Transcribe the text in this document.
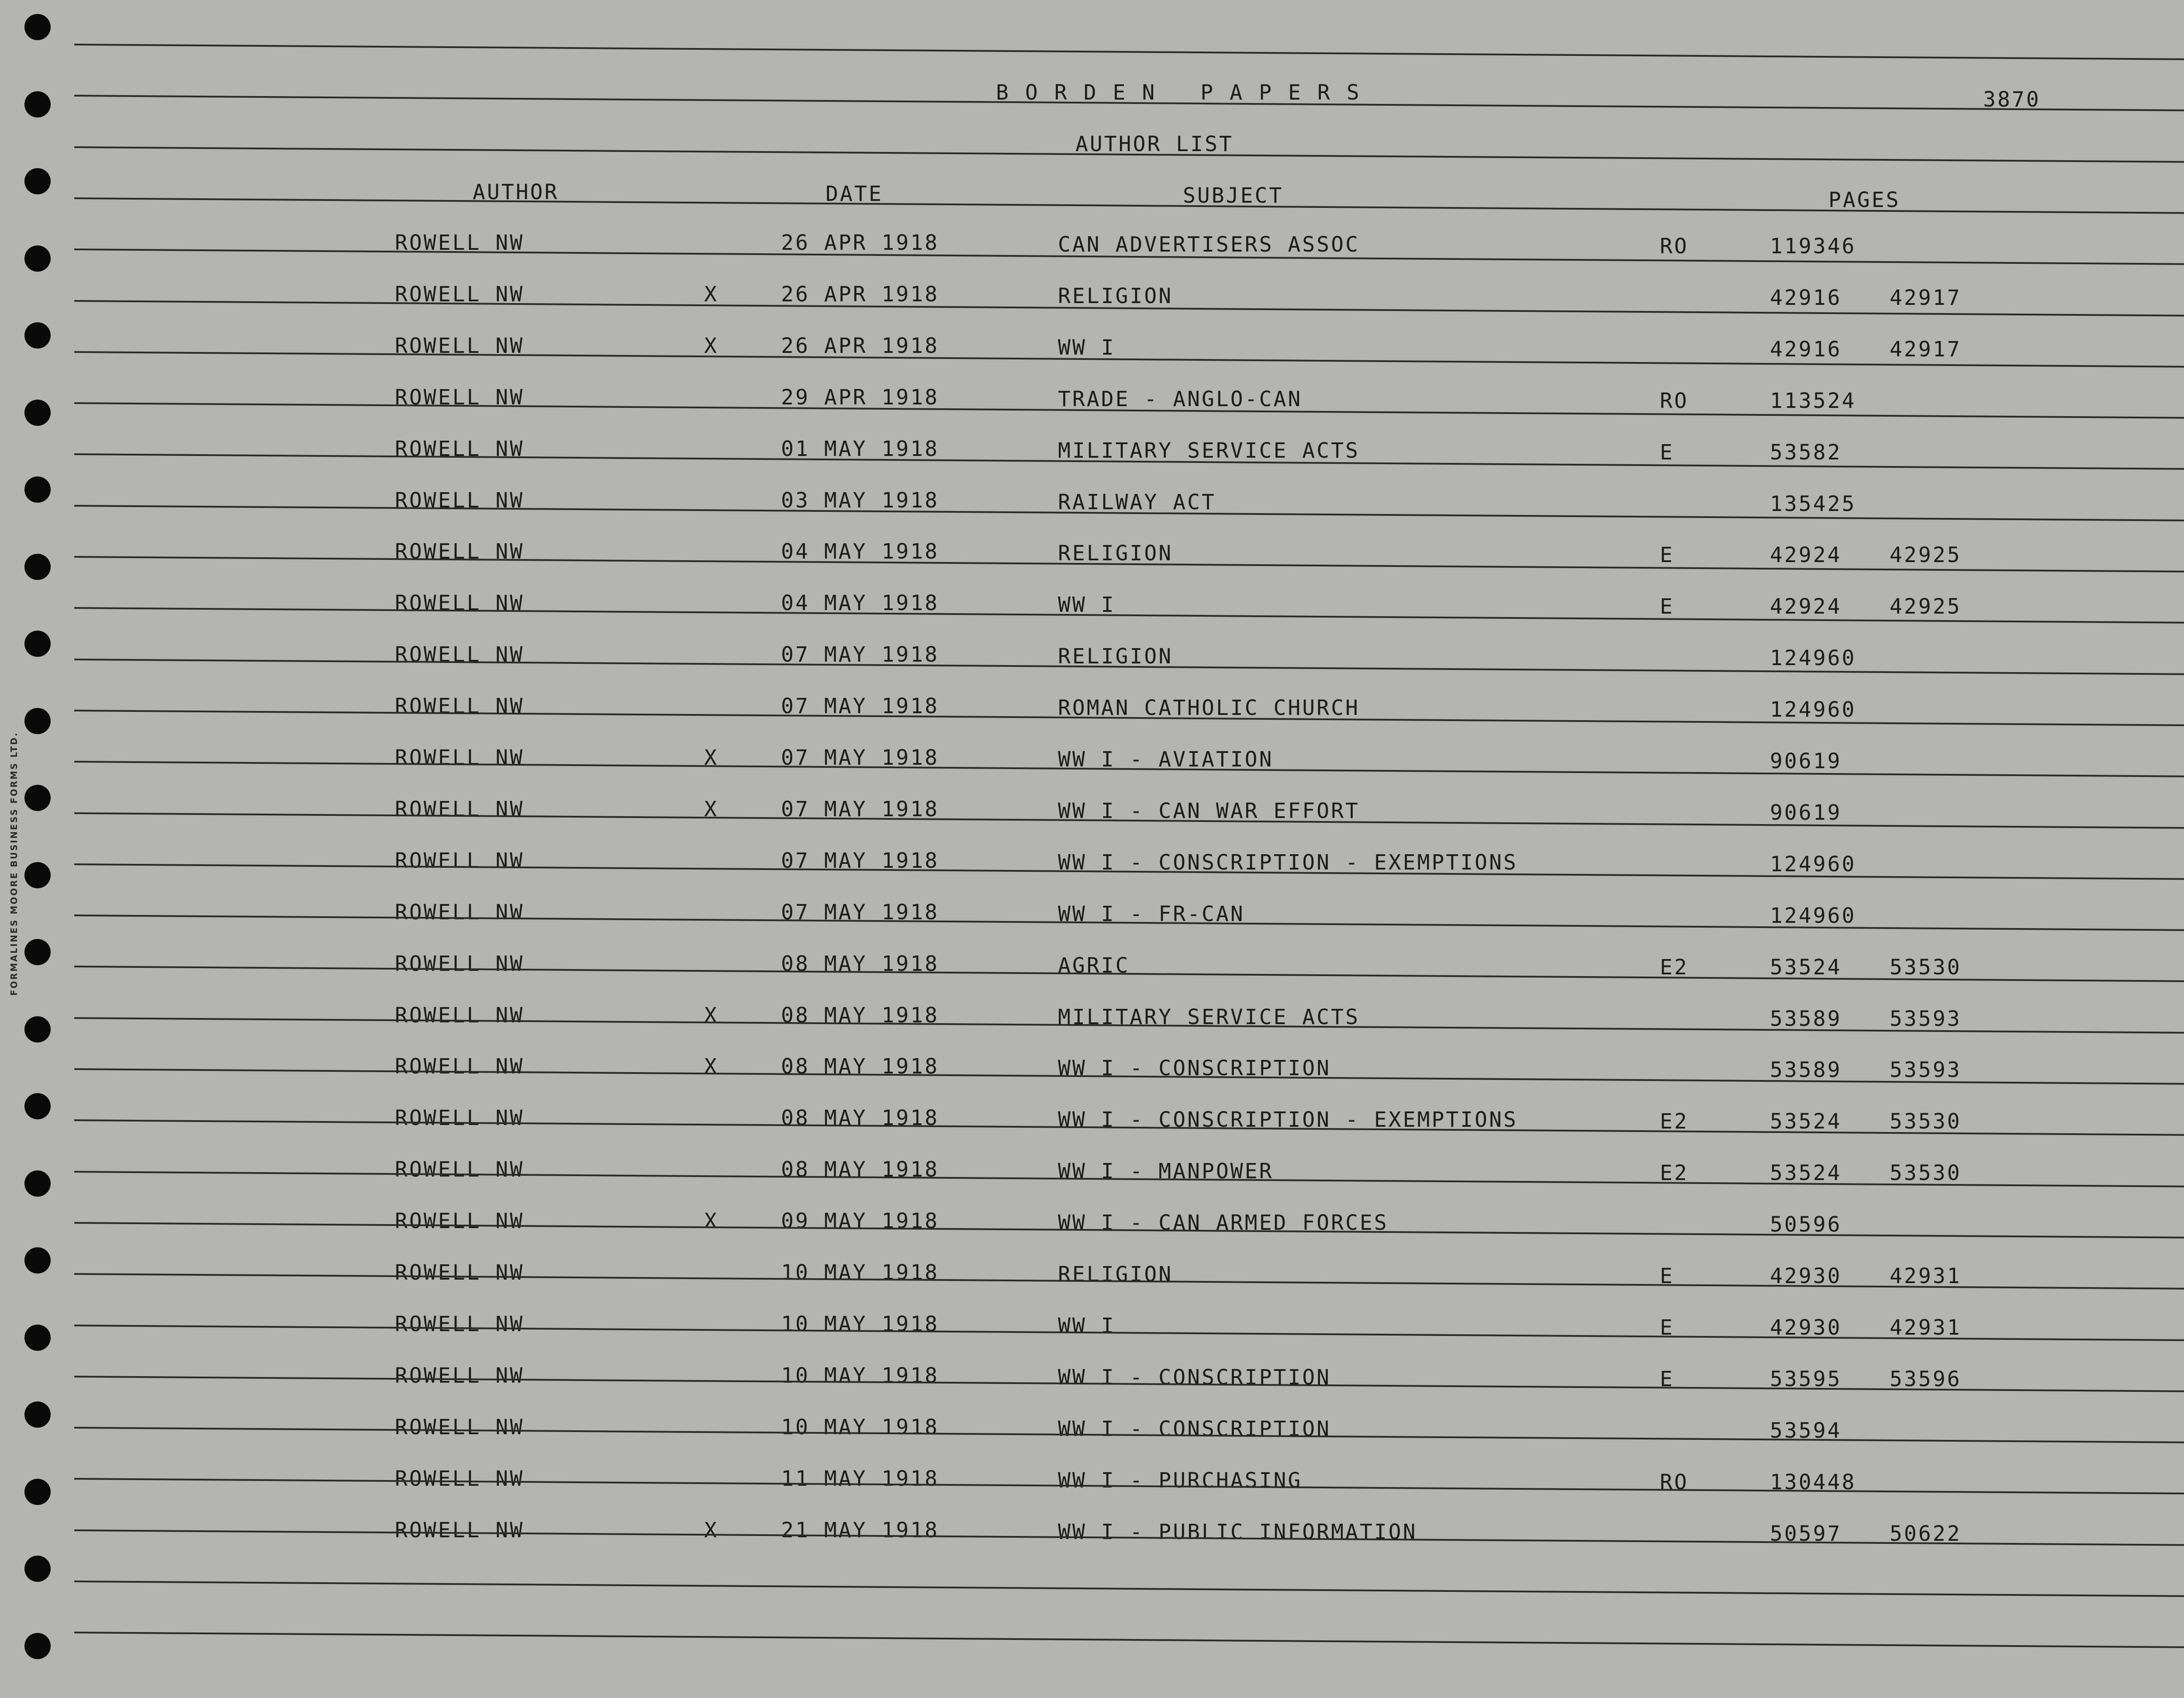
BORDEN PAPERS	3870
AUTHOR LIST
AUTHOR	DATE	SUBJECT	PAGES
ROWELL NW	26 APR 1918	CAN ADVERTISERS ASSOC	RO	119346
ROWELL NW	X	26 APR 1918	RELIGION	42916 42917
ROWELL NW	X	26 APR 1918	WW I	42916 42917
ROWELL NW	29 APR 1918	TRADE - ANGLO-CAN	RO	113524
ROWELL NW	01 MAY 1918	MILITARY SERVICE ACTS	E	53582
ROWELL NW	03 MAY 1918	RAILWAY ACT	135425
ROWELL NW	04 MAY 1918	RELIGION	E	42924 42925
ROWELL NW	04 MAY 1918	WW I	E	42924 42925
ROWELL NW	07 MAY 1918	RELIGION	124960
ROWELL NW	07 MAY 1918	ROMAN CATHOLIC CHURCH	124960
ROWELL NW	X	07 MAY 1918	WW I - AVIATION	90619
ROWELL NW	X	07 MAY 1918	WW I - CAN WAR EFFORT	90619
ROWELL NW	07 MAY 1918	WW I - CONSCRIPTION - EXEMPTIONS	124960
ROWELL NW	07 MAY 1918	WW I - FR-CAN	124960
ROWELL NW	08 MAY 1918	AGRIC	E2	53524 53530
ROWELL NW	X	08 MAY 1918	MILITARY SERVICE ACTS	53589 53593
ROWELL NW	X	08 MAY 1918	WW I - CONSCRIPTION	53589 53593
ROWELL NW	08 MAY 1918	WW I - CONSCRIPTION - EXEMPTIONS	E2	53524 53530
ROWELL NW	08 MAY 1918	WW I - MANPOWER	E2	53524 53530
ROWELL NW	X	09 MAY 1918	WW I - CAN ARMED FORCES	50596
ROWELL NW	10 MAY 1918	RELIGION	E	42930 42931
ROWELL NW	10 MAY 1918	WW I	E	42930 42931
ROWELL NW	10 MAY 1918	WW I - CONSCRIPTION	E	53595 53596
ROWELL NW	10 MAY 1918	WW I - CONSCRIPTION	53594
ROWELL NW	11 MAY 1918	WW I - PURCHASING	RO	130448
ROWELL NW	X	21 MAY 1918	WW I - PUBLIC INFORMATION	50597 50622
FORMALINES MOORE BUSINESS FORMS LTD.
